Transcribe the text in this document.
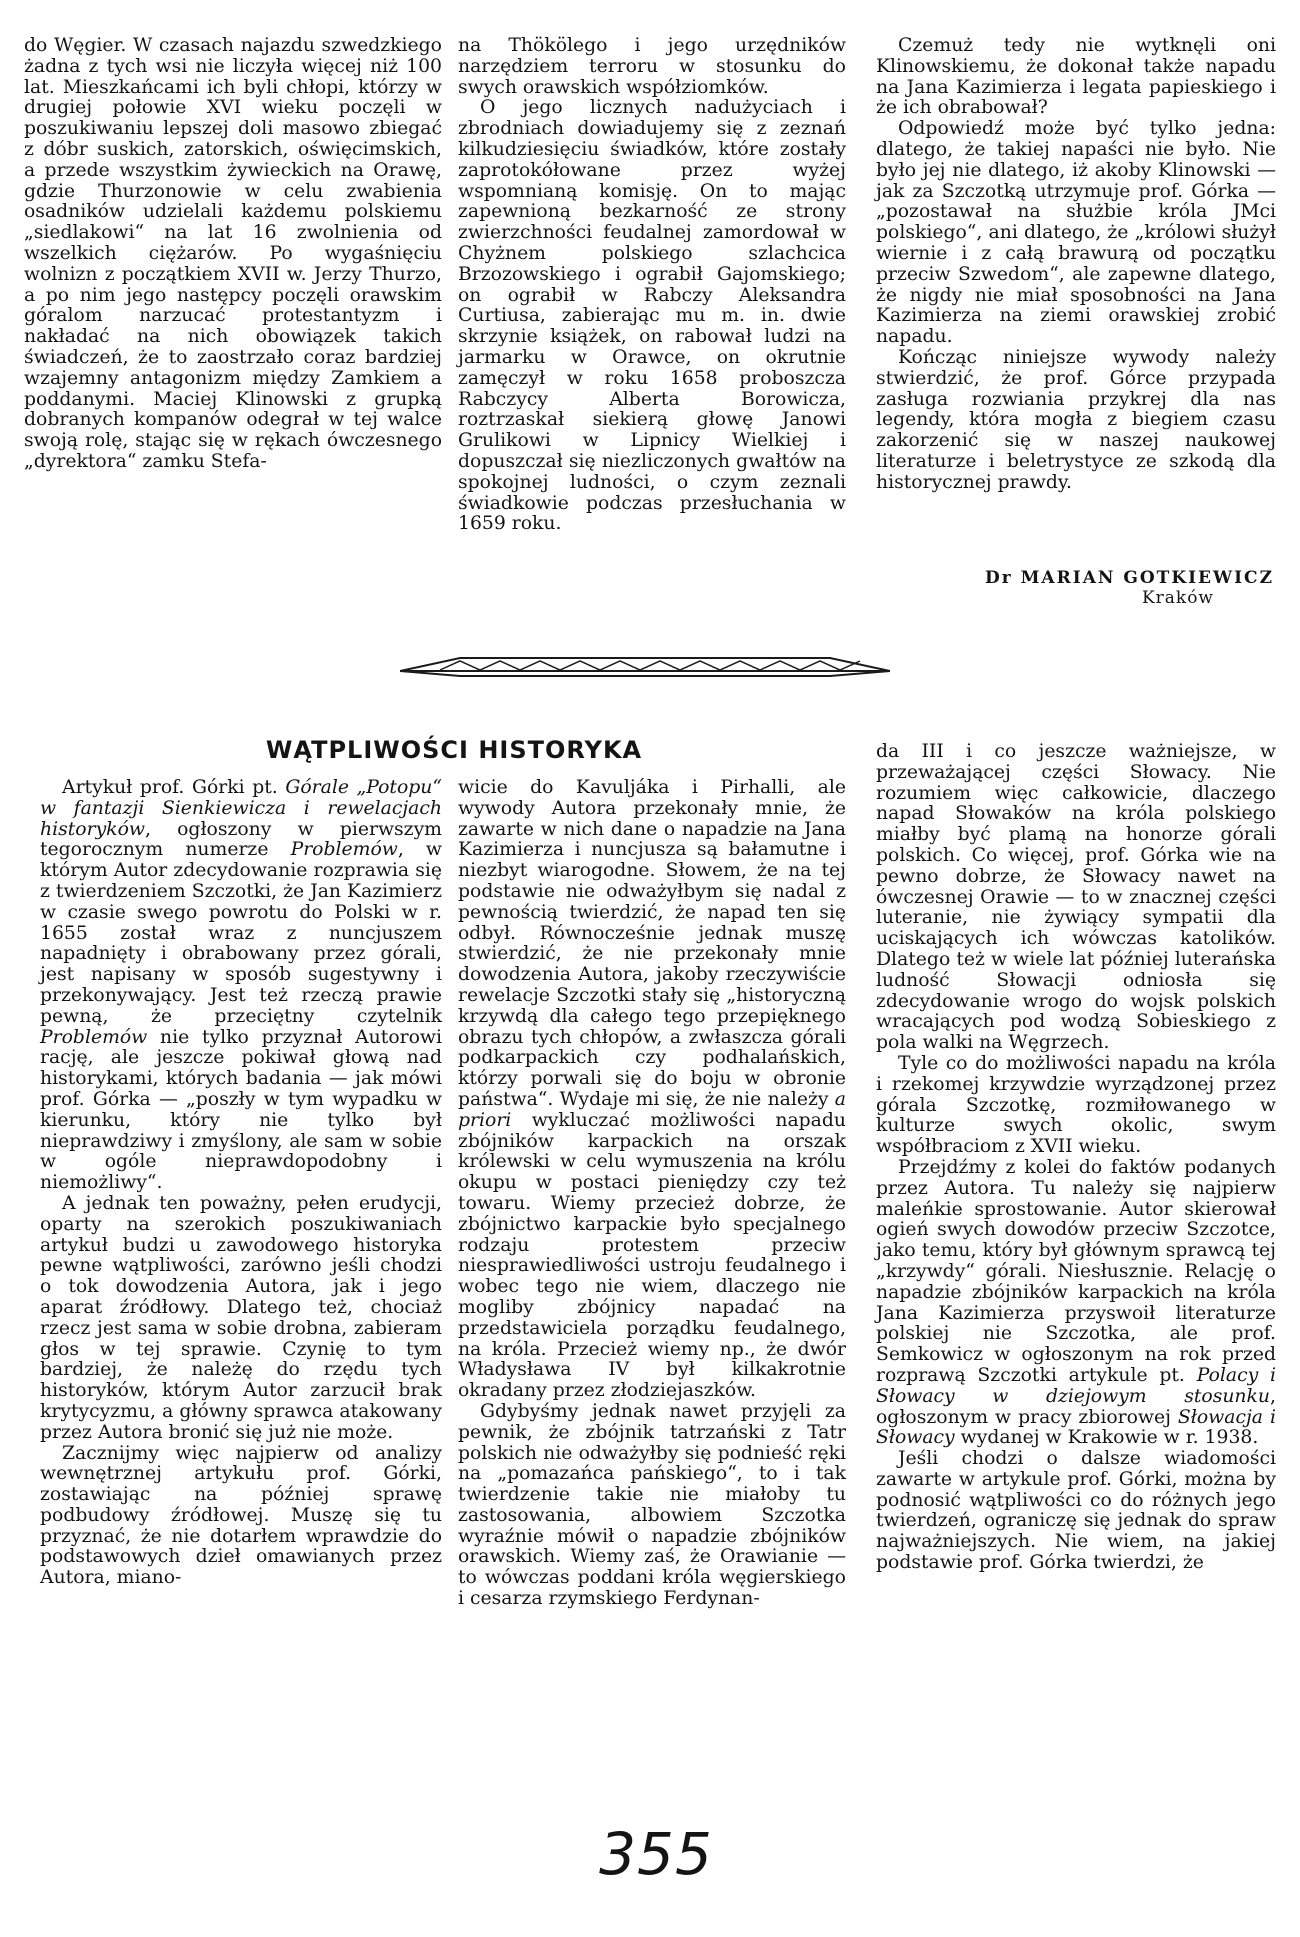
do Węgier. W czasach najazdu szwedzkiego żadna z tych wsi nie liczyła więcej niż 100 lat. Mieszkańcami ich byli chłopi, którzy w drugiej połowie XVI wieku poczęli w poszukiwaniu lepszej doli masowo zbiegać z dóbr suskich, zatorskich, oświęcimskich, a przede wszystkim żywieckich na Orawę, gdzie Thurzonowie w celu zwabienia osadników udzielali każdemu polskiemu „siedlakowi“ na lat 16 zwolnienia od wszelkich ciężarów. Po wygaśnięciu wolnizn z początkiem XVII w. Jerzy Thurzo, a po nim jego następcy poczęli orawskim góralom narzucać protestantyzm i nakładać na nich obowiązek takich świadczeń, że to zaostrzało coraz bardziej wzajemny antagonizm między Zamkiem a poddanymi. Maciej Klinowski z grupką dobranych kompanów odegrał w tej walce swoją rolę, stając się w rękach ówczesnego „dyrektora“ zamku Stefa-

na Thökölego i jego urzędników narzędziem terroru w stosunku do swych orawskich współziomków.

O jego licznych nadużyciach i zbrodniach dowiadujemy się z zeznań kilkudziesięciu świadków, które zostały zaprotokółowane przez wyżej wspomnianą komisję. On to mając zapewnioną bezkarność ze strony zwierzchności feudalnej zamordował w Chyżnem polskiego szlachcica Brzozowskiego i ograbił Gajomskiego; on ograbił w Rabczy Aleksandra Curtiusa, zabierając mu m. in. dwie skrzynie książek, on rabował ludzi na jarmarku w Orawce, on okrutnie zamęczył w roku 1658 proboszcza Rabczycy Alberta Borowicza, roztrzaskał siekierą głowę Janowi Grulikowi w Lipnicy Wielkiej i dopuszczał się niezliczonych gwałtów na spokojnej ludności, o czym zeznali świadkowie podczas przesłuchania w 1659 roku.

Czemuż tedy nie wytknęli oni Klinowskiemu, że dokonał także napadu na Jana Kazimierza i legata papieskiego i że ich obrabował?

Odpowiedź może być tylko jedna: dlatego, że takiej napaści nie było. Nie było jej nie dlatego, iż akoby Klinowski — jak za Szczotką utrzymuje prof. Górka — „pozostawał na służbie króla JMci polskiego“, ani dlatego, że „królowi służył wiernie i z całą brawurą od początku przeciw Szwedom“, ale zapewne dlatego, że nigdy nie miał sposobności na Jana Kazimierza na ziemi orawskiej zrobić napadu.

Kończąc niniejsze wywody należy stwierdzić, że prof. Górce przypada zasługa rozwiania przykrej dla nas legendy, która mogła z biegiem czasu zakorzenić się w naszej naukowej literaturze i beletrystyce ze szkodą dla historycznej prawdy.

Dr MARIAN GOTKIEWICZ
Kraków
WĄTPLIWOŚCI HISTORYKA

Artykuł prof. Górki pt. Górale „Potopu“ w fantazji Sienkiewicza i rewelacjach historyków, ogłoszony w pierwszym tegorocznym numerze Problemów, w którym Autor zdecydowanie rozprawia się z twierdzeniem Szczotki, że Jan Kazimierz w czasie swego powrotu do Polski w r. 1655 został wraz z nuncjuszem napadnięty i obrabowany przez górali, jest napisany w sposób sugestywny i przekonywający. Jest też rzeczą prawie pewną, że przeciętny czytelnik Problemów nie tylko przyznał Autorowi rację, ale jeszcze pokiwał głową nad historykami, których badania — jak mówi prof. Górka — „poszły w tym wypadku w kierunku, który nie tylko był nieprawdziwy i zmyślony, ale sam w sobie w ogóle nieprawdopodobny i niemożliwy“.

A jednak ten poważny, pełen erudycji, oparty na szerokich poszukiwaniach artykuł budzi u zawodowego historyka pewne wątpliwości, zarówno jeśli chodzi o tok dowodzenia Autora, jak i jego aparat źródłowy. Dlatego też, chociaż rzecz jest sama w sobie drobna, zabieram głos w tej sprawie. Czynię to tym bardziej, że należę do rzędu tych historyków, którym Autor zarzucił brak krytycyzmu, a główny sprawca atakowany przez Autora bronić się już nie może.

Zacznijmy więc najpierw od analizy wewnętrznej artykułu prof. Górki, zostawiając na później sprawę podbudowy źródłowej. Muszę się tu przyznać, że nie dotarłem wprawdzie do podstawowych dzieł omawianych przez Autora, miano-

wicie do Kavuljáka i Pirhalli, ale wywody Autora przekonały mnie, że zawarte w nich dane o napadzie na Jana Kazimierza i nuncjusza są bałamutne i niezbyt wiarogodne. Słowem, że na tej podstawie nie odważyłbym się nadal z pewnością twierdzić, że napad ten się odbył. Równocześnie jednak muszę stwierdzić, że nie przekonały mnie dowodzenia Autora, jakoby rzeczywiście rewelacje Szczotki stały się „historyczną krzywdą dla całego tego przepięknego obrazu tych chłopów, a zwłaszcza górali podkarpackich czy podhalańskich, którzy porwali się do boju w obronie państwa“. Wydaje mi się, że nie należy a priori wykluczać możliwości napadu zbójników karpackich na orszak królewski w celu wymuszenia na królu okupu w postaci pieniędzy czy też towaru. Wiemy przecież dobrze, że zbójnictwo karpackie było specjalnego rodzaju protestem przeciw niesprawiedliwości ustroju feudalnego i wobec tego nie wiem, dlaczego nie mogliby zbójnicy napadać na przedstawiciela porządku feudalnego, na króla. Przecież wiemy np., że dwór Władysława IV był kilkakrotnie okradany przez złodziejaszków.

Gdybyśmy jednak nawet przyjęli za pewnik, że zbójnik tatrzański z Tatr polskich nie odważyłby się podnieść ręki na „pomazańca pańskiego“, to i tak twierdzenie takie nie miałoby tu zastosowania, albowiem Szczotka wyraźnie mówił o napadzie zbójników orawskich. Wiemy zaś, że Orawianie — to wówczas poddani króla węgierskiego i cesarza rzymskiego Ferdynan-

da III i co jeszcze ważniejsze, w przeważającej części Słowacy. Nie rozumiem więc całkowicie, dlaczego napad Słowaków na króla polskiego miałby być plamą na honorze górali polskich. Co więcej, prof. Górka wie na pewno dobrze, że Słowacy nawet na ówczesnej Orawie — to w znacznej części luteranie, nie żywiący sympatii dla uciskających ich wówczas katolików. Dlatego też w wiele lat później luterańska ludność Słowacji odniosła się zdecydowanie wrogo do wojsk polskich wracających pod wodzą Sobieskiego z pola walki na Węgrzech.

Tyle co do możliwości napadu na króla i rzekomej krzywdzie wyrządzonej przez górala Szczotkę, rozmiłowanego w kulturze swych okolic, swym współbraciom z XVII wieku.

Przejdźmy z kolei do faktów podanych przez Autora. Tu należy się najpierw maleńkie sprostowanie. Autor skierował ogień swych dowodów przeciw Szczotce, jako temu, który był głównym sprawcą tej „krzywdy“ górali. Niesłusznie. Relację o napadzie zbójników karpackich na króla Jana Kazimierza przyswoił literaturze polskiej nie Szczotka, ale prof. Semkowicz w ogłoszonym na rok przed rozprawą Szczotki artykule pt. Polacy i Słowacy w dziejowym stosunku, ogłoszonym w pracy zbiorowej Słowacja i Słowacy wydanej w Krakowie w r. 1938.

Jeśli chodzi o dalsze wiadomości zawarte w artykule prof. Górki, można by podnosić wątpliwości co do różnych jego twierdzeń, ograniczę się jednak do spraw najważniejszych. Nie wiem, na jakiej podstawie prof. Górka twierdzi, że

355
